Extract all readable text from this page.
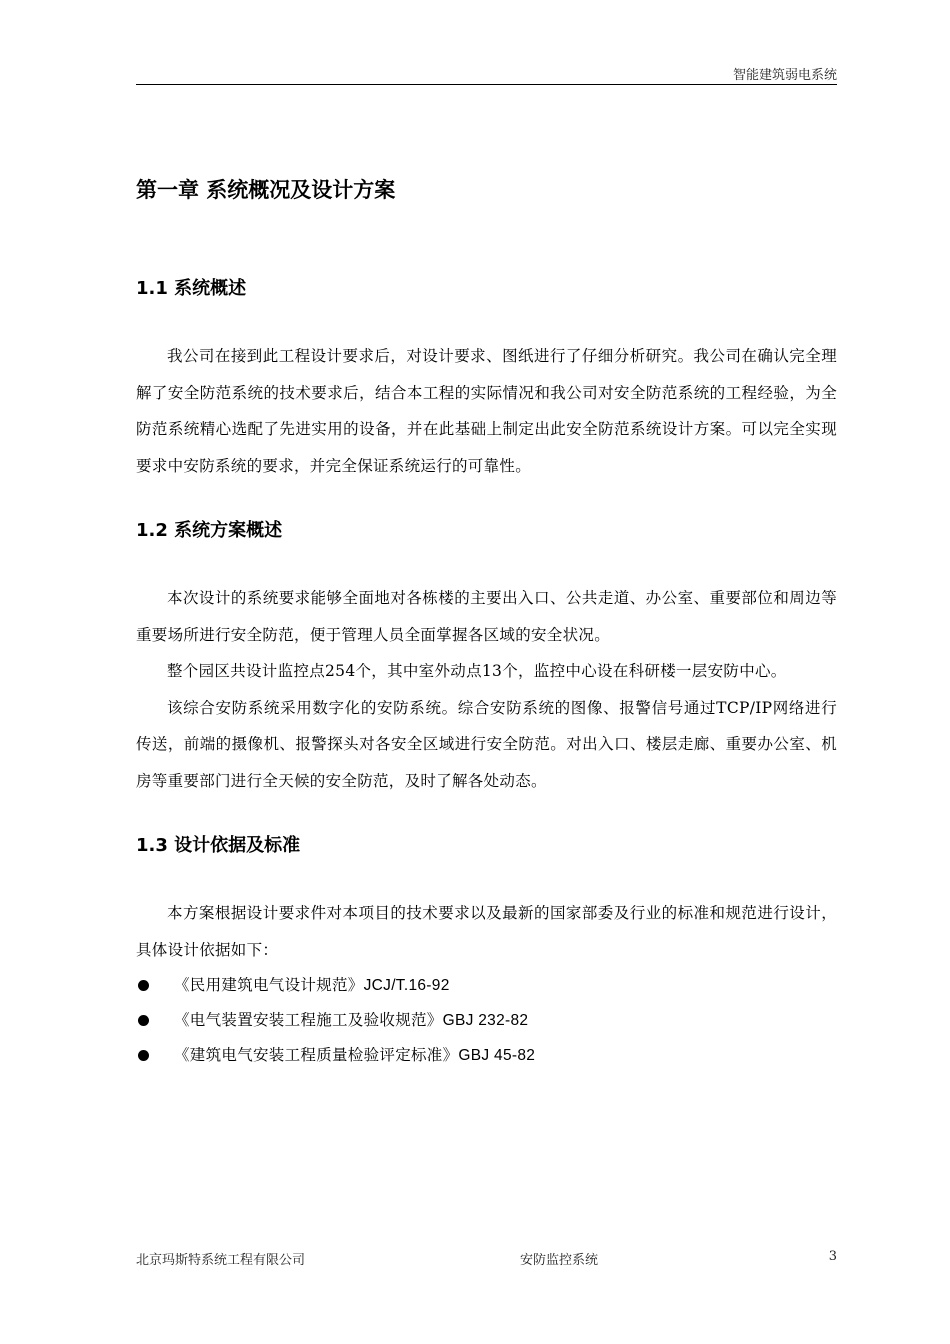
智能建筑弱电系统
第一章 系统概况及设计方案
1.1 系统概述

我公司在接到此工程设计要求后，对设计要求、图纸进行了仔细分析研究。我公司在确认完全理解了安全防范系统的技术要求后，结合本工程的实际情况和我公司对安全防范系统的工程经验，为全防范系统精心选配了先进实用的设备，并在此基础上制定出此安全防范系统设计方案。可以完全实现要求中安防系统的要求，并完全保证系统运行的可靠性。

1.2 系统方案概述

本次设计的系统要求能够全面地对各栋楼的主要出入口、公共走道、办公室、重要部位和周边等重要场所进行安全防范，便于管理人员全面掌握各区域的安全状况。

整个园区共设计监控点254个，其中室外动点13个，监控中心设在科研楼一层安防中心。

该综合安防系统采用数字化的安防系统。综合安防系统的图像、报警信号通过TCP/IP网络进行传送，前端的摄像机、报警探头对各安全区域进行安全防范。对出入口、楼层走廊、重要办公室、机房等重要部门进行全天候的安全防范，及时了解各处动态。

1.3 设计依据及标准

本方案根据设计要求件对本项目的技术要求以及最新的国家部委及行业的标准和规范进行设计，具体设计依据如下：

《民用建筑电气设计规范》JCJ/T.16-92
《电气装置安装工程施工及验收规范》GBJ 232-82
《建筑电气安装工程质量检验评定标准》GBJ 45-82
北京玛斯特系统工程有限公司	安防监控系统	3
